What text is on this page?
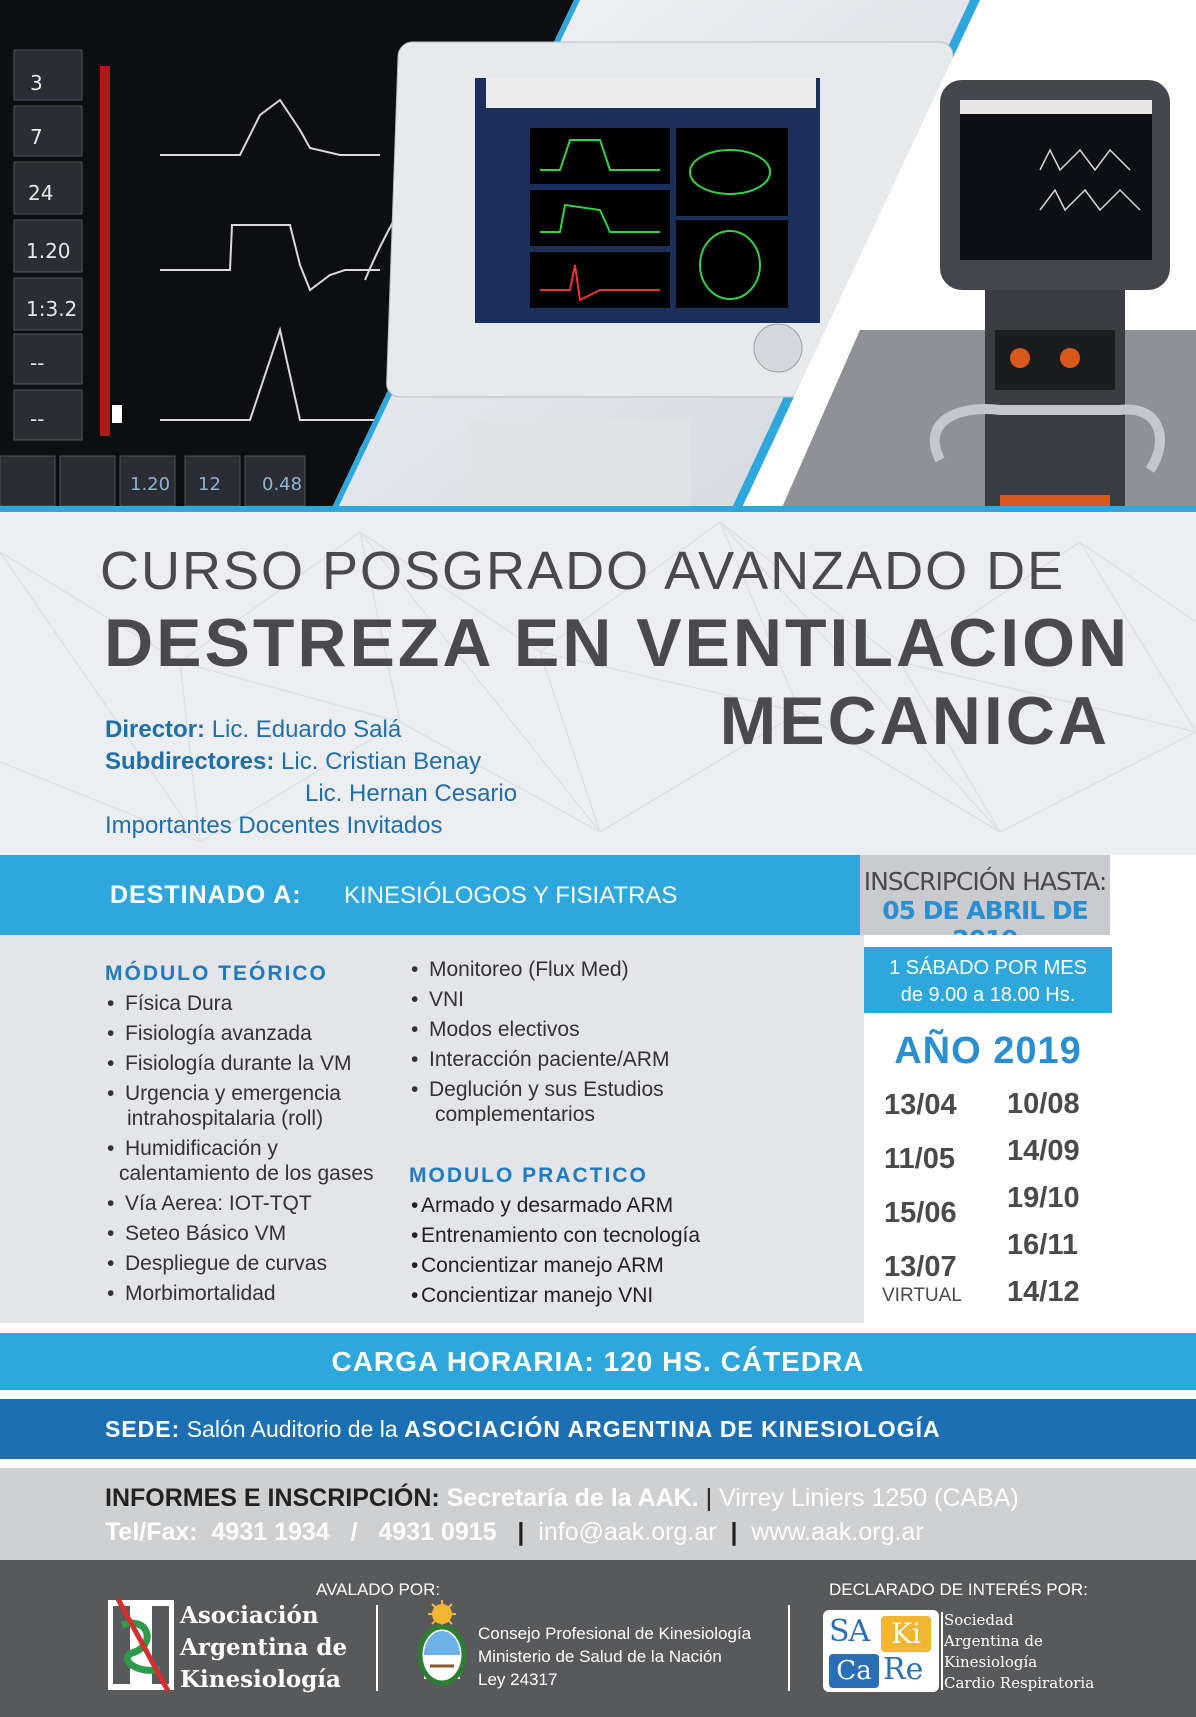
3
7
24
1.20
1:3.2
--
--
1.20 12 0.48
CURSO POSGRADO AVANZADO DE
DESTREZA EN VENTILACION
MECANICA
Director: Lic. Eduardo Salá
Subdirectores: Lic. Cristian Benay
Lic. Hernan Cesario
Importantes Docentes Invitados
DESTINADO A: KINESIÓLOGOS Y FISIATRAS	INSCRIPCIÓN HASTA:
05 DE ABRIL DE
MÓDULO TEÓRICO
• Física Dura
• Fisiología avanzada
• Fisiología durante la VM
• Urgencia y emergencia
intrahospitalaria (roll)
• Humidificación y
calentamiento de los gases
• Vía Aerea: IOT-TQT
• Seteo Básico VM
• Despliegue de curvas
• Morbimortalidad
• Monitoreo (Flux Med)
• VNI
• Modos electivos
• Interacción paciente/ARM
• Deglución y sus Estudios
complementarios
MODULO PRACTICO
• Armado y desarmado ARM
• Entrenamiento con tecnología
• Concientizar manejo ARM
• Concientizar manejo VNI
1 SÁBADO POR MES
de 9.00 a 18.00 Hs.
AÑO 2019
13/04
11/05
15/06
13/07
VIRTUAL
10/08
14/09
19/10
16/11
14/12
CARGA HORARIA: 120 HS. CÁTEDRA
SEDE: Salón Auditorio de la ASOCIACIÓN ARGENTINA DE KINESIOLOGÍA
INFORMES E INSCRIPCIÓN: Secretaría de la AAK. | Virrey Liniers 1250 (CABA)
Tel/Fax: 4931 1934 / 4931 0915 | info@aak.org.ar | www.aak.org.ar
AVALADO POR:	DECLARADO DE INTERÉS POR:
Asociación
Argentina de
Kinesiología
Consejo Profesional de Kinesiología
Ministerio de Salud de la Nación
Ley 24317
SA Ki
Ca Re
Sociedad
Argentina de
Kinesiología
Cardio Respiratoria
